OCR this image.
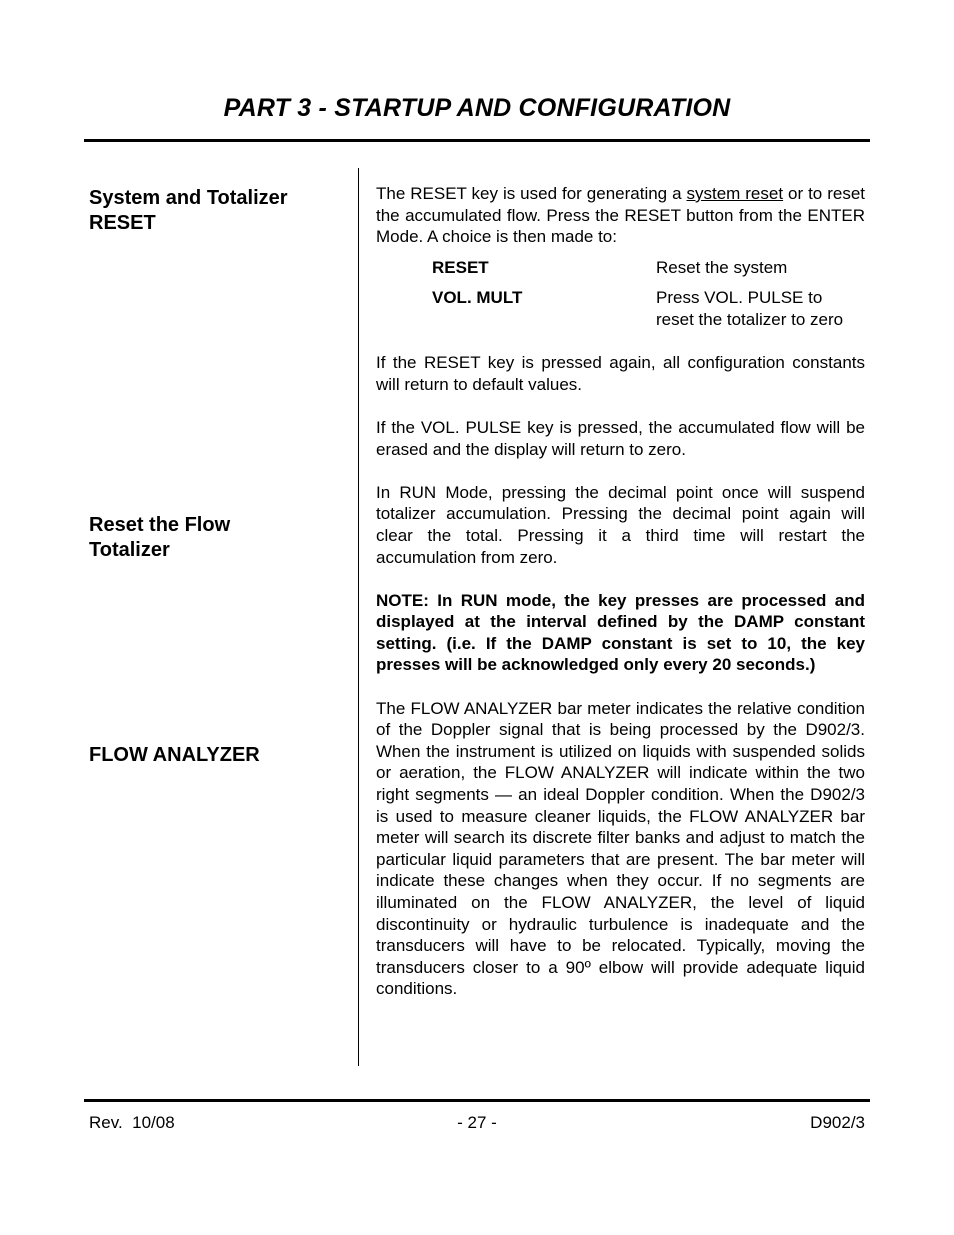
PART 3 - STARTUP AND CONFIGURATION
System and Totalizer
RESET
Reset the Flow
Totalizer
FLOW ANALYZER

The RESET key is used for generating a system reset or to reset the accumulated flow. Press the RESET button from the ENTER Mode. A choice is then made to:

RESET	Reset the system
VOL. MULT	Press VOL. PULSE to reset the totalizer to zero

If the RESET key is pressed again, all configuration constants will return to default values.

If the VOL. PULSE key is pressed, the accumulated flow will be erased and the display will return to zero.

In RUN Mode, pressing the decimal point once will suspend totalizer accumulation. Pressing the decimal point again will clear the total. Pressing it a third time will restart the accumulation from zero.

NOTE: In RUN mode, the key presses are processed and displayed at the interval defined by the DAMP constant setting. (i.e. If the DAMP constant is set to 10, the key presses will be acknowledged only every 20 seconds.)

The FLOW ANALYZER bar meter indicates the relative condition of the Doppler signal that is being processed by the D902/3. When the instrument is utilized on liquids with suspended solids or aeration, the FLOW ANALYZER will indicate within the two right segments — an ideal Doppler condition. When the D902/3 is used to measure cleaner liquids, the FLOW ANALYZER bar meter will search its discrete filter banks and adjust to match the particular liquid parameters that are present. The bar meter will indicate these changes when they occur. If no segments are illuminated on the FLOW ANALYZER, the level of liquid discontinuity or hydraulic turbulence is inadequate and the transducers will have to be relocated. Typically, moving the transducers closer to a 90º elbow will provide adequate liquid conditions.

Rev.  10/08	- 27 -	D902/3
